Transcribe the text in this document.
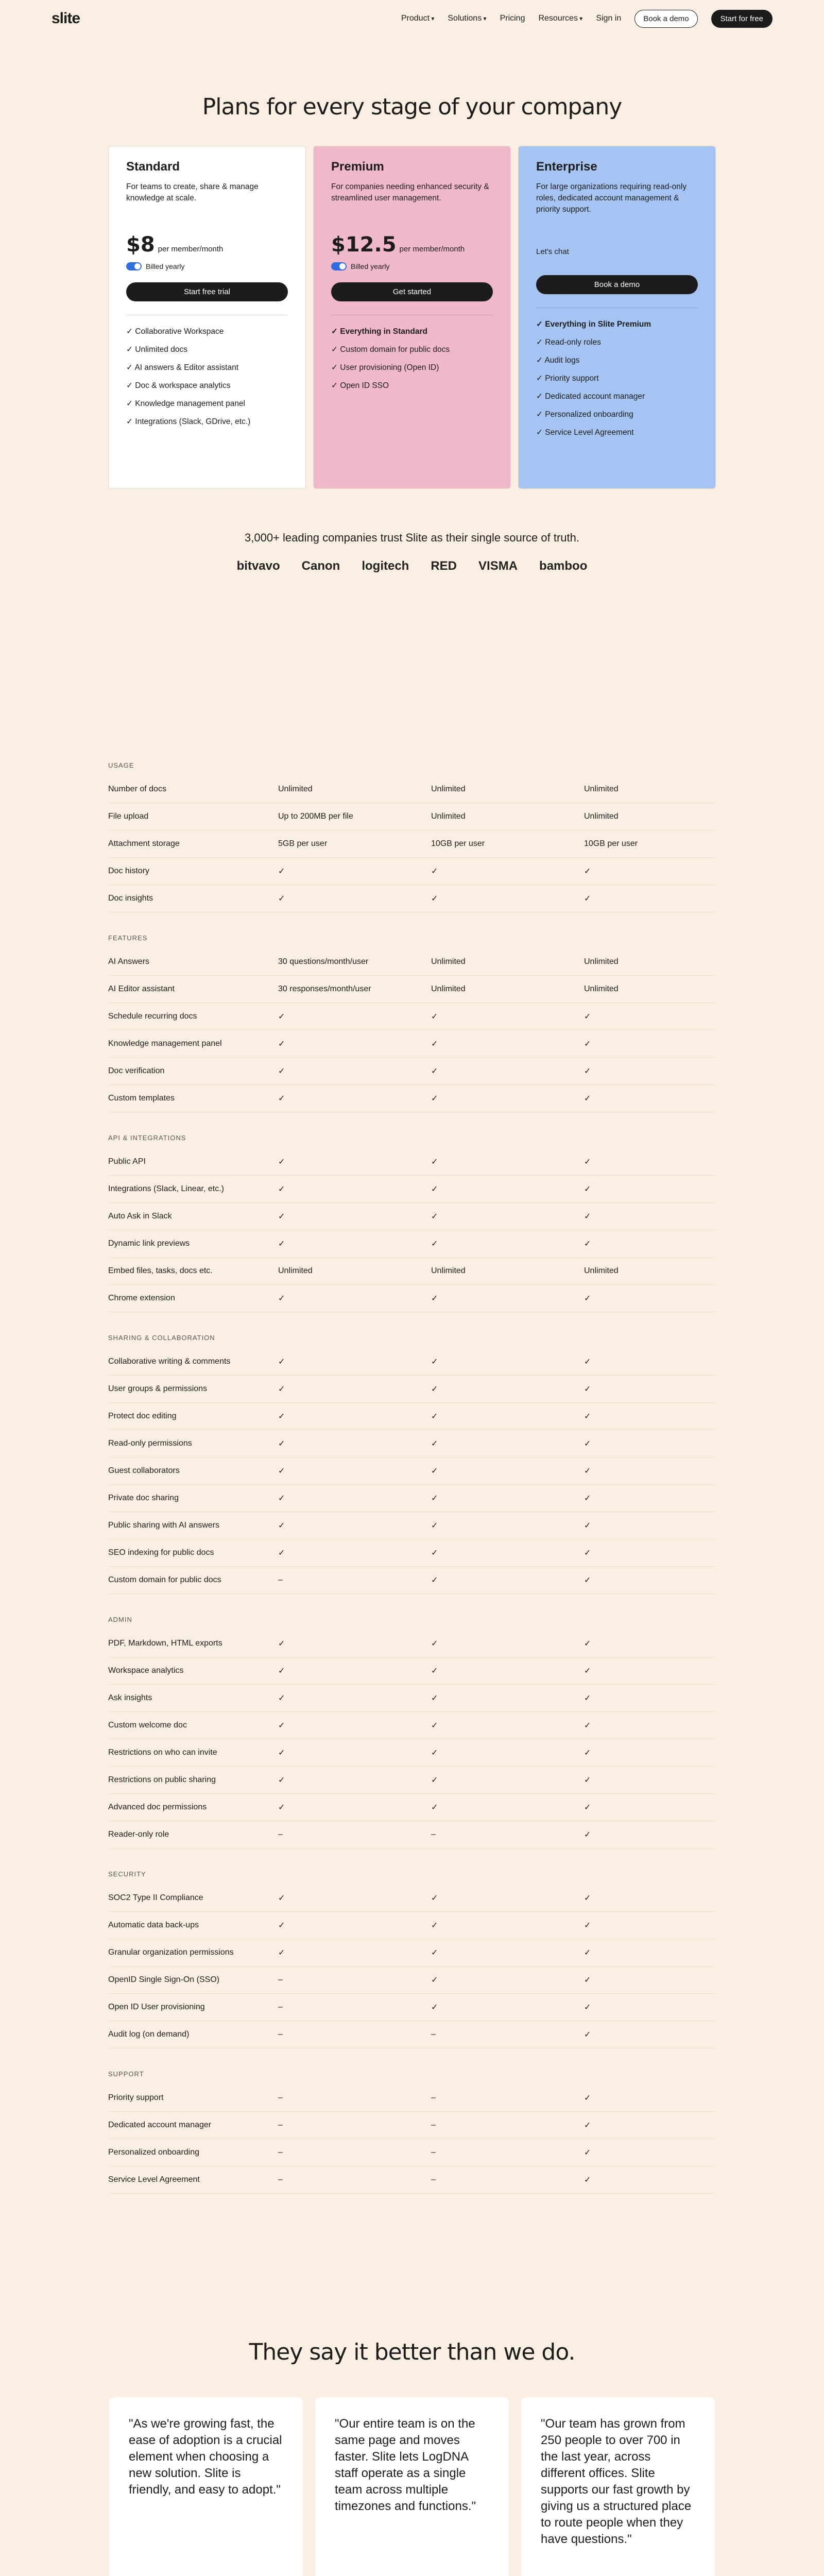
slite	Product ▾	Solutions ▾	Pricing Resources ▾	Sign in	Book a demo	Start for free
Plans for every stage of your company
Standard

For teams to create, share & manage knowledge at scale.

$8 per member/month
Billed yearly
Start free trial
✓ Collaborative Workspace
✓ Unlimited docs
✓ AI answers & Editor assistant
✓ Doc & workspace analytics
✓ Knowledge management panel
✓ Integrations (Slack, GDrive, etc.)
Premium

For companies needing enhanced security & streamlined user management.

$12.5 per member/month
Billed yearly
Get started
✓ Everything in Standard
✓ Custom domain for public docs
✓ User provisioning (Open ID)
✓ Open ID SSO
Enterprise

For large organizations requiring read-only roles, dedicated account management & priority support.

Let's chat
Book a demo
✓ Everything in Slite Premium
✓ Read-only roles
✓ Audit logs
✓ Priority support
✓ Dedicated account manager
✓ Personalized onboarding
✓ Service Level Agreement

3,000+ leading companies trust Slite as their single source of truth.

bitvavo Canon logitech RED VISMA bamboo
USAGE
Number of docs	Unlimited	Unlimited	Unlimited
File upload	Up to 200MB per file	Unlimited	Unlimited
Attachment storage	5GB per user	10GB per user	10GB per user
Doc history	✓	✓	✓
Doc insights	✓	✓	✓
FEATURES
AI Answers	30 questions/month/user	Unlimited	Unlimited
AI Editor assistant	30 responses/month/user	Unlimited	Unlimited
Schedule recurring docs	✓	✓	✓
Knowledge management panel	✓	✓	✓
Doc verification	✓	✓	✓
Custom templates	✓	✓	✓
API & INTEGRATIONS
Public API	✓	✓	✓
Integrations (Slack, Linear, etc.)	✓	✓	✓
Auto Ask in Slack	✓	✓	✓
Dynamic link previews	✓	✓	✓
Embed files, tasks, docs etc.	Unlimited	Unlimited	Unlimited
Chrome extension	✓	✓	✓
SHARING & COLLABORATION
Collaborative writing & comments	✓	✓	✓
User groups & permissions	✓	✓	✓
Protect doc editing	✓	✓	✓
Read-only permissions	✓	✓	✓
Guest collaborators	✓	✓	✓
Private doc sharing	✓	✓	✓
Public sharing with AI answers	✓	✓	✓
SEO indexing for public docs	✓	✓	✓
Custom domain for public docs	–	✓	✓
ADMIN
PDF, Markdown, HTML exports	✓	✓	✓
Workspace analytics	✓	✓	✓
Ask insights	✓	✓	✓
Custom welcome doc	✓	✓	✓
Restrictions on who can invite	✓	✓	✓
Restrictions on public sharing	✓	✓	✓
Advanced doc permissions	✓	✓	✓
Reader-only role	–	–	✓
SECURITY
SOC2 Type II Compliance	✓	✓	✓
Automatic data back-ups	✓	✓	✓
Granular organization permissions	✓	✓	✓
OpenID Single Sign-On (SSO)	–	✓	✓
Open ID User provisioning	–	✓	✓
Audit log (on demand)	–	–	✓
SUPPORT
Priority support	–	–	✓
Dedicated account manager	–	–	✓
Personalized onboarding	–	–	✓
Service Level Agreement	–	–	✓
They say it better than we do.

"As we're growing fast, the ease of adoption is a crucial element when choosing a new solution. Slite is friendly, and easy to adopt."

"Our entire team is on the same page and moves faster. Slite lets LogDNA staff operate as a single team across multiple timezones and functions."

"Our team has grown from 250 people to over 700 in the last year, across different offices. Slite supports our fast growth by giving us a structured place to route people when they have questions."
